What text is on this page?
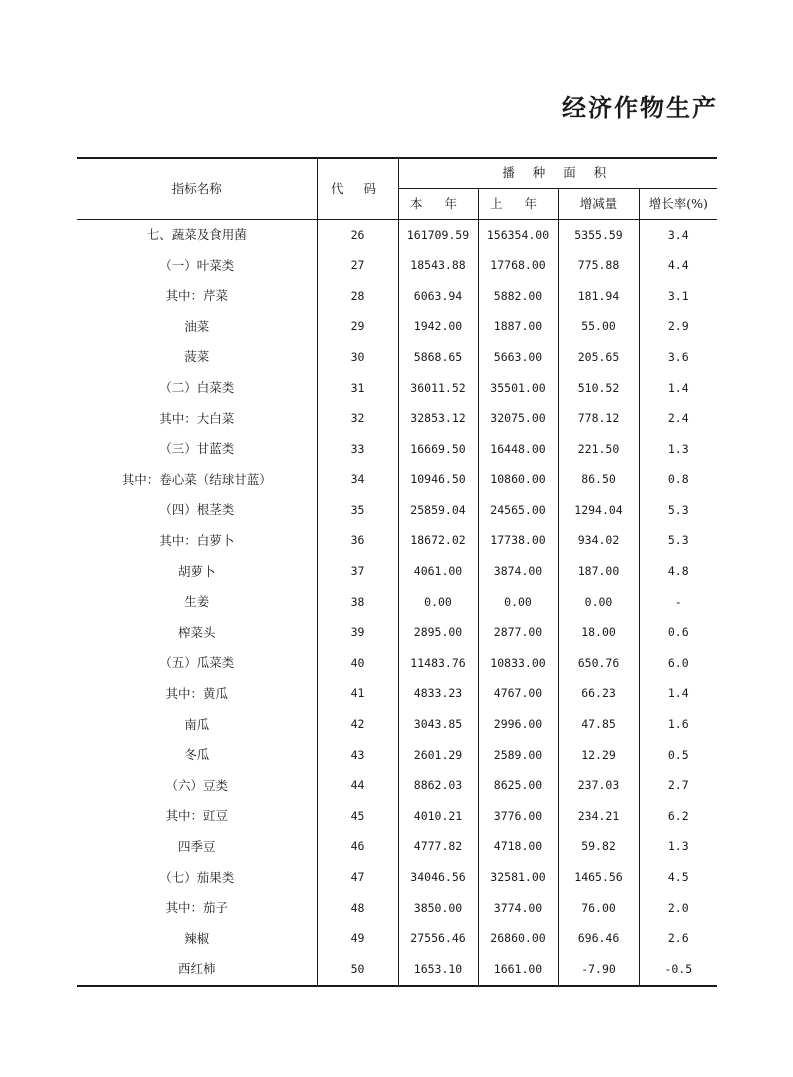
经济作物生产
指标名称	代 码	播 种 面 积			
		本 年	上 年	增减量	增长率(%)
七、蔬菜及食用菌	26	161709.59	156354.00	5355.59	3.4
（一）叶菜类	27	18543.88	17768.00	775.88	4.4
其中：芹菜	28	6063.94	5882.00	181.94	3.1
油菜	29	1942.00	1887.00	55.00	2.9
菠菜	30	5868.65	5663.00	205.65	3.6
（二）白菜类	31	36011.52	35501.00	510.52	1.4
其中：大白菜	32	32853.12	32075.00	778.12	2.4
（三）甘蓝类	33	16669.50	16448.00	221.50	1.3
其中：卷心菜（结球甘蓝）	34	10946.50	10860.00	86.50	0.8
（四）根茎类	35	25859.04	24565.00	1294.04	5.3
其中：白萝卜	36	18672.02	17738.00	934.02	5.3
胡萝卜	37	4061.00	3874.00	187.00	4.8
生姜	38	0.00	0.00	0.00	-
榨菜头	39	2895.00	2877.00	18.00	0.6
（五）瓜菜类	40	11483.76	10833.00	650.76	6.0
其中：黄瓜	41	4833.23	4767.00	66.23	1.4
南瓜	42	3043.85	2996.00	47.85	1.6
冬瓜	43	2601.29	2589.00	12.29	0.5
（六）豆类	44	8862.03	8625.00	237.03	2.7
其中：豇豆	45	4010.21	3776.00	234.21	6.2
四季豆	46	4777.82	4718.00	59.82	1.3
（七）茄果类	47	34046.56	32581.00	1465.56	4.5
其中：茄子	48	3850.00	3774.00	76.00	2.0
辣椒	49	27556.46	26860.00	696.46	2.6
西红柿	50	1653.10	1661.00	-7.90	-0.5
